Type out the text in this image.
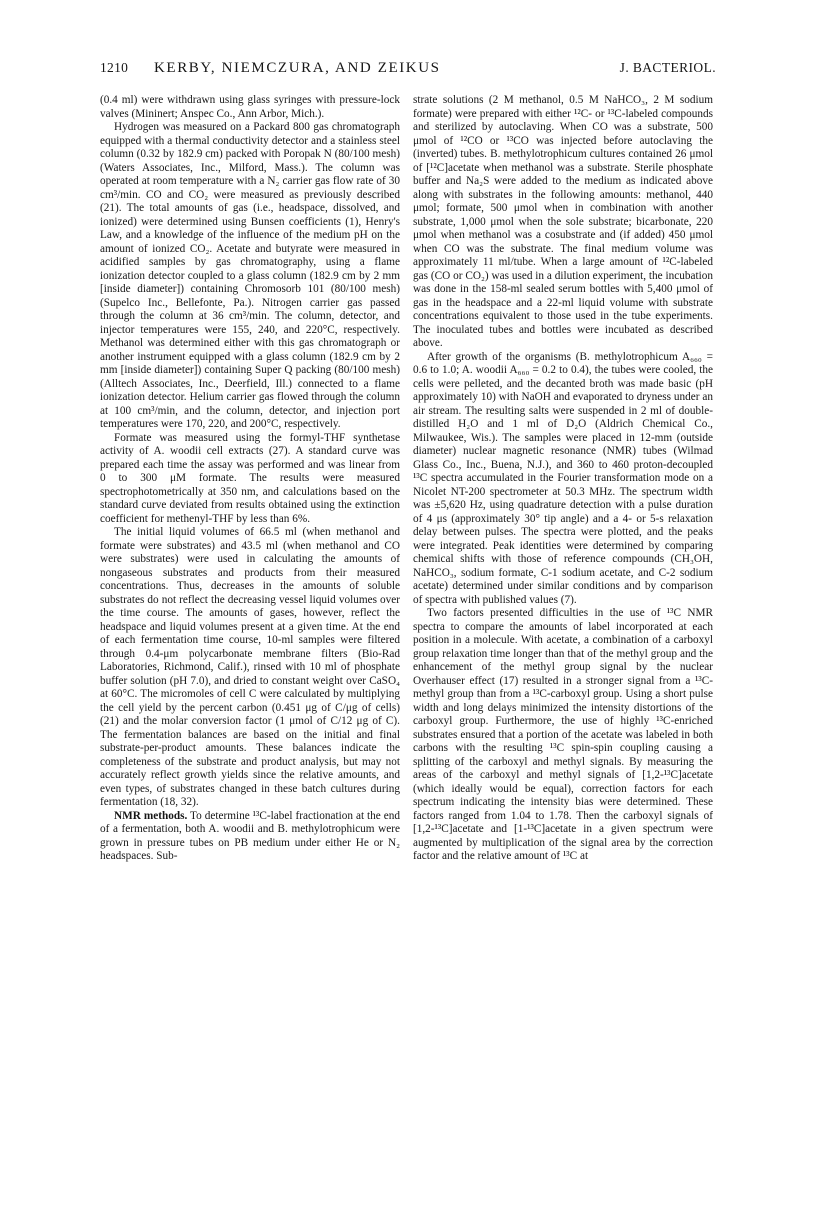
1210 KERBY, NIEMCZURA, AND ZEIKUS	J. BACTERIOL.

(0.4 ml) were withdrawn using glass syringes with pressure-lock valves (Mininert; Anspec Co., Ann Arbor, Mich.).

Hydrogen was measured on a Packard 800 gas chromatograph equipped with a thermal conductivity detector and a stainless steel column (0.32 by 182.9 cm) packed with Poropak N (80/100 mesh) (Waters Associates, Inc., Milford, Mass.). The column was operated at room temperature with a N₂ carrier gas flow rate of 30 cm³/min. CO and CO₂ were measured as previously described (21). The total amounts of gas (i.e., headspace, dissolved, and ionized) were determined using Bunsen coefficients (1), Henry's Law, and a knowledge of the influence of the medium pH on the amount of ionized CO₂. Acetate and butyrate were measured in acidified samples by gas chromatography, using a flame ionization detector coupled to a glass column (182.9 cm by 2 mm [inside diameter]) containing Chromosorb 101 (80/100 mesh) (Supelco Inc., Bellefonte, Pa.). Nitrogen carrier gas passed through the column at 36 cm³/min. The column, detector, and injector temperatures were 155, 240, and 220°C, respectively. Methanol was determined either with this gas chromatograph or another instrument equipped with a glass column (182.9 cm by 2 mm [inside diameter]) containing Super Q packing (80/100 mesh) (Alltech Associates, Inc., Deerfield, Ill.) connected to a flame ionization detector. Helium carrier gas flowed through the column at 100 cm³/min, and the column, detector, and injection port temperatures were 170, 220, and 200°C, respectively.

Formate was measured using the formyl-THF synthetase activity of A. woodii cell extracts (27). A standard curve was prepared each time the assay was performed and was linear from 0 to 300 μM formate. The results were measured spectrophotometrically at 350 nm, and calculations based on the standard curve deviated from results obtained using the extinction coefficient for methenyl-THF by less than 6%.

The initial liquid volumes of 66.5 ml (when methanol and formate were substrates) and 43.5 ml (when methanol and CO were substrates) were used in calculating the amounts of nongaseous substrates and products from their measured concentrations. Thus, decreases in the amounts of soluble substrates do not reflect the decreasing vessel liquid volumes over the time course. The amounts of gases, however, reflect the headspace and liquid volumes present at a given time. At the end of each fermentation time course, 10-ml samples were filtered through 0.4-μm polycarbonate membrane filters (Bio-Rad Laboratories, Richmond, Calif.), rinsed with 10 ml of phosphate buffer solution (pH 7.0), and dried to constant weight over CaSO₄ at 60°C. The micromoles of cell C were calculated by multiplying the cell yield by the percent carbon (0.451 μg of C/μg of cells) (21) and the molar conversion factor (1 μmol of C/12 μg of C). The fermentation balances are based on the initial and final substrate-per-product amounts. These balances indicate the completeness of the substrate and product analysis, but may not accurately reflect growth yields since the relative amounts, and even types, of substrates changed in these batch cultures during fermentation (18, 32).

NMR methods. To determine ¹³C-label fractionation at the end of a fermentation, both A. woodii and B. methylotrophicum were grown in pressure tubes on PB medium under either He or N₂ headspaces. Sub-

strate solutions (2 M methanol, 0.5 M NaHCO₃, 2 M sodium formate) were prepared with either ¹²C- or ¹³C-labeled compounds and sterilized by autoclaving. When CO was a substrate, 500 μmol of ¹²CO or ¹³CO was injected before autoclaving the (inverted) tubes. B. methylotrophicum cultures contained 26 μmol of [¹²C]acetate when methanol was a substrate. Sterile phosphate buffer and Na₂S were added to the medium as indicated above along with substrates in the following amounts: methanol, 440 μmol; formate, 500 μmol when in combination with another substrate, 1,000 μmol when the sole substrate; bicarbonate, 220 μmol when methanol was a cosubstrate and (if added) 450 μmol when CO was the substrate. The final medium volume was approximately 11 ml/tube. When a large amount of ¹²C-labeled gas (CO or CO₂) was used in a dilution experiment, the incubation was done in the 158-ml sealed serum bottles with 5,400 μmol of gas in the headspace and a 22-ml liquid volume with substrate concentrations equivalent to those used in the tube experiments. The inoculated tubes and bottles were incubated as described above.

After growth of the organisms (B. methylotrophicum A₆₆₀ = 0.6 to 1.0; A. woodii A₆₆₀ = 0.2 to 0.4), the tubes were cooled, the cells were pelleted, and the decanted broth was made basic (pH approximately 10) with NaOH and evaporated to dryness under an air stream. The resulting salts were suspended in 2 ml of double-distilled H₂O and 1 ml of D₂O (Aldrich Chemical Co., Milwaukee, Wis.). The samples were placed in 12-mm (outside diameter) nuclear magnetic resonance (NMR) tubes (Wilmad Glass Co., Inc., Buena, N.J.), and 360 to 460 proton-decoupled ¹³C spectra accumulated in the Fourier transformation mode on a Nicolet NT-200 spectrometer at 50.3 MHz. The spectrum width was ±5,620 Hz, using quadrature detection with a pulse duration of 4 μs (approximately 30° tip angle) and a 4- or 5-s relaxation delay between pulses. The spectra were plotted, and the peaks were integrated. Peak identities were determined by comparing chemical shifts with those of reference compounds (CH₃OH, NaHCO₃, sodium formate, C-1 sodium acetate, and C-2 sodium acetate) determined under similar conditions and by comparison of spectra with published values (7).

Two factors presented difficulties in the use of ¹³C NMR spectra to compare the amounts of label incorporated at each position in a molecule. With acetate, a combination of a carboxyl group relaxation time longer than that of the methyl group and the enhancement of the methyl group signal by the nuclear Overhauser effect (17) resulted in a stronger signal from a ¹³C-methyl group than from a ¹³C-carboxyl group. Using a short pulse width and long delays minimized the intensity distortions of the carboxyl group. Furthermore, the use of highly ¹³C-enriched substrates ensured that a portion of the acetate was labeled in both carbons with the resulting ¹³C spin-spin coupling causing a splitting of the carboxyl and methyl signals. By measuring the areas of the carboxyl and methyl signals of [1,2-¹³C]acetate (which ideally would be equal), correction factors for each spectrum indicating the intensity bias were determined. These factors ranged from 1.04 to 1.78. Then the carboxyl signals of [1,2-¹³C]acetate and [1-¹³C]acetate in a given spectrum were augmented by multiplication of the signal area by the correction factor and the relative amount of ¹³C at
